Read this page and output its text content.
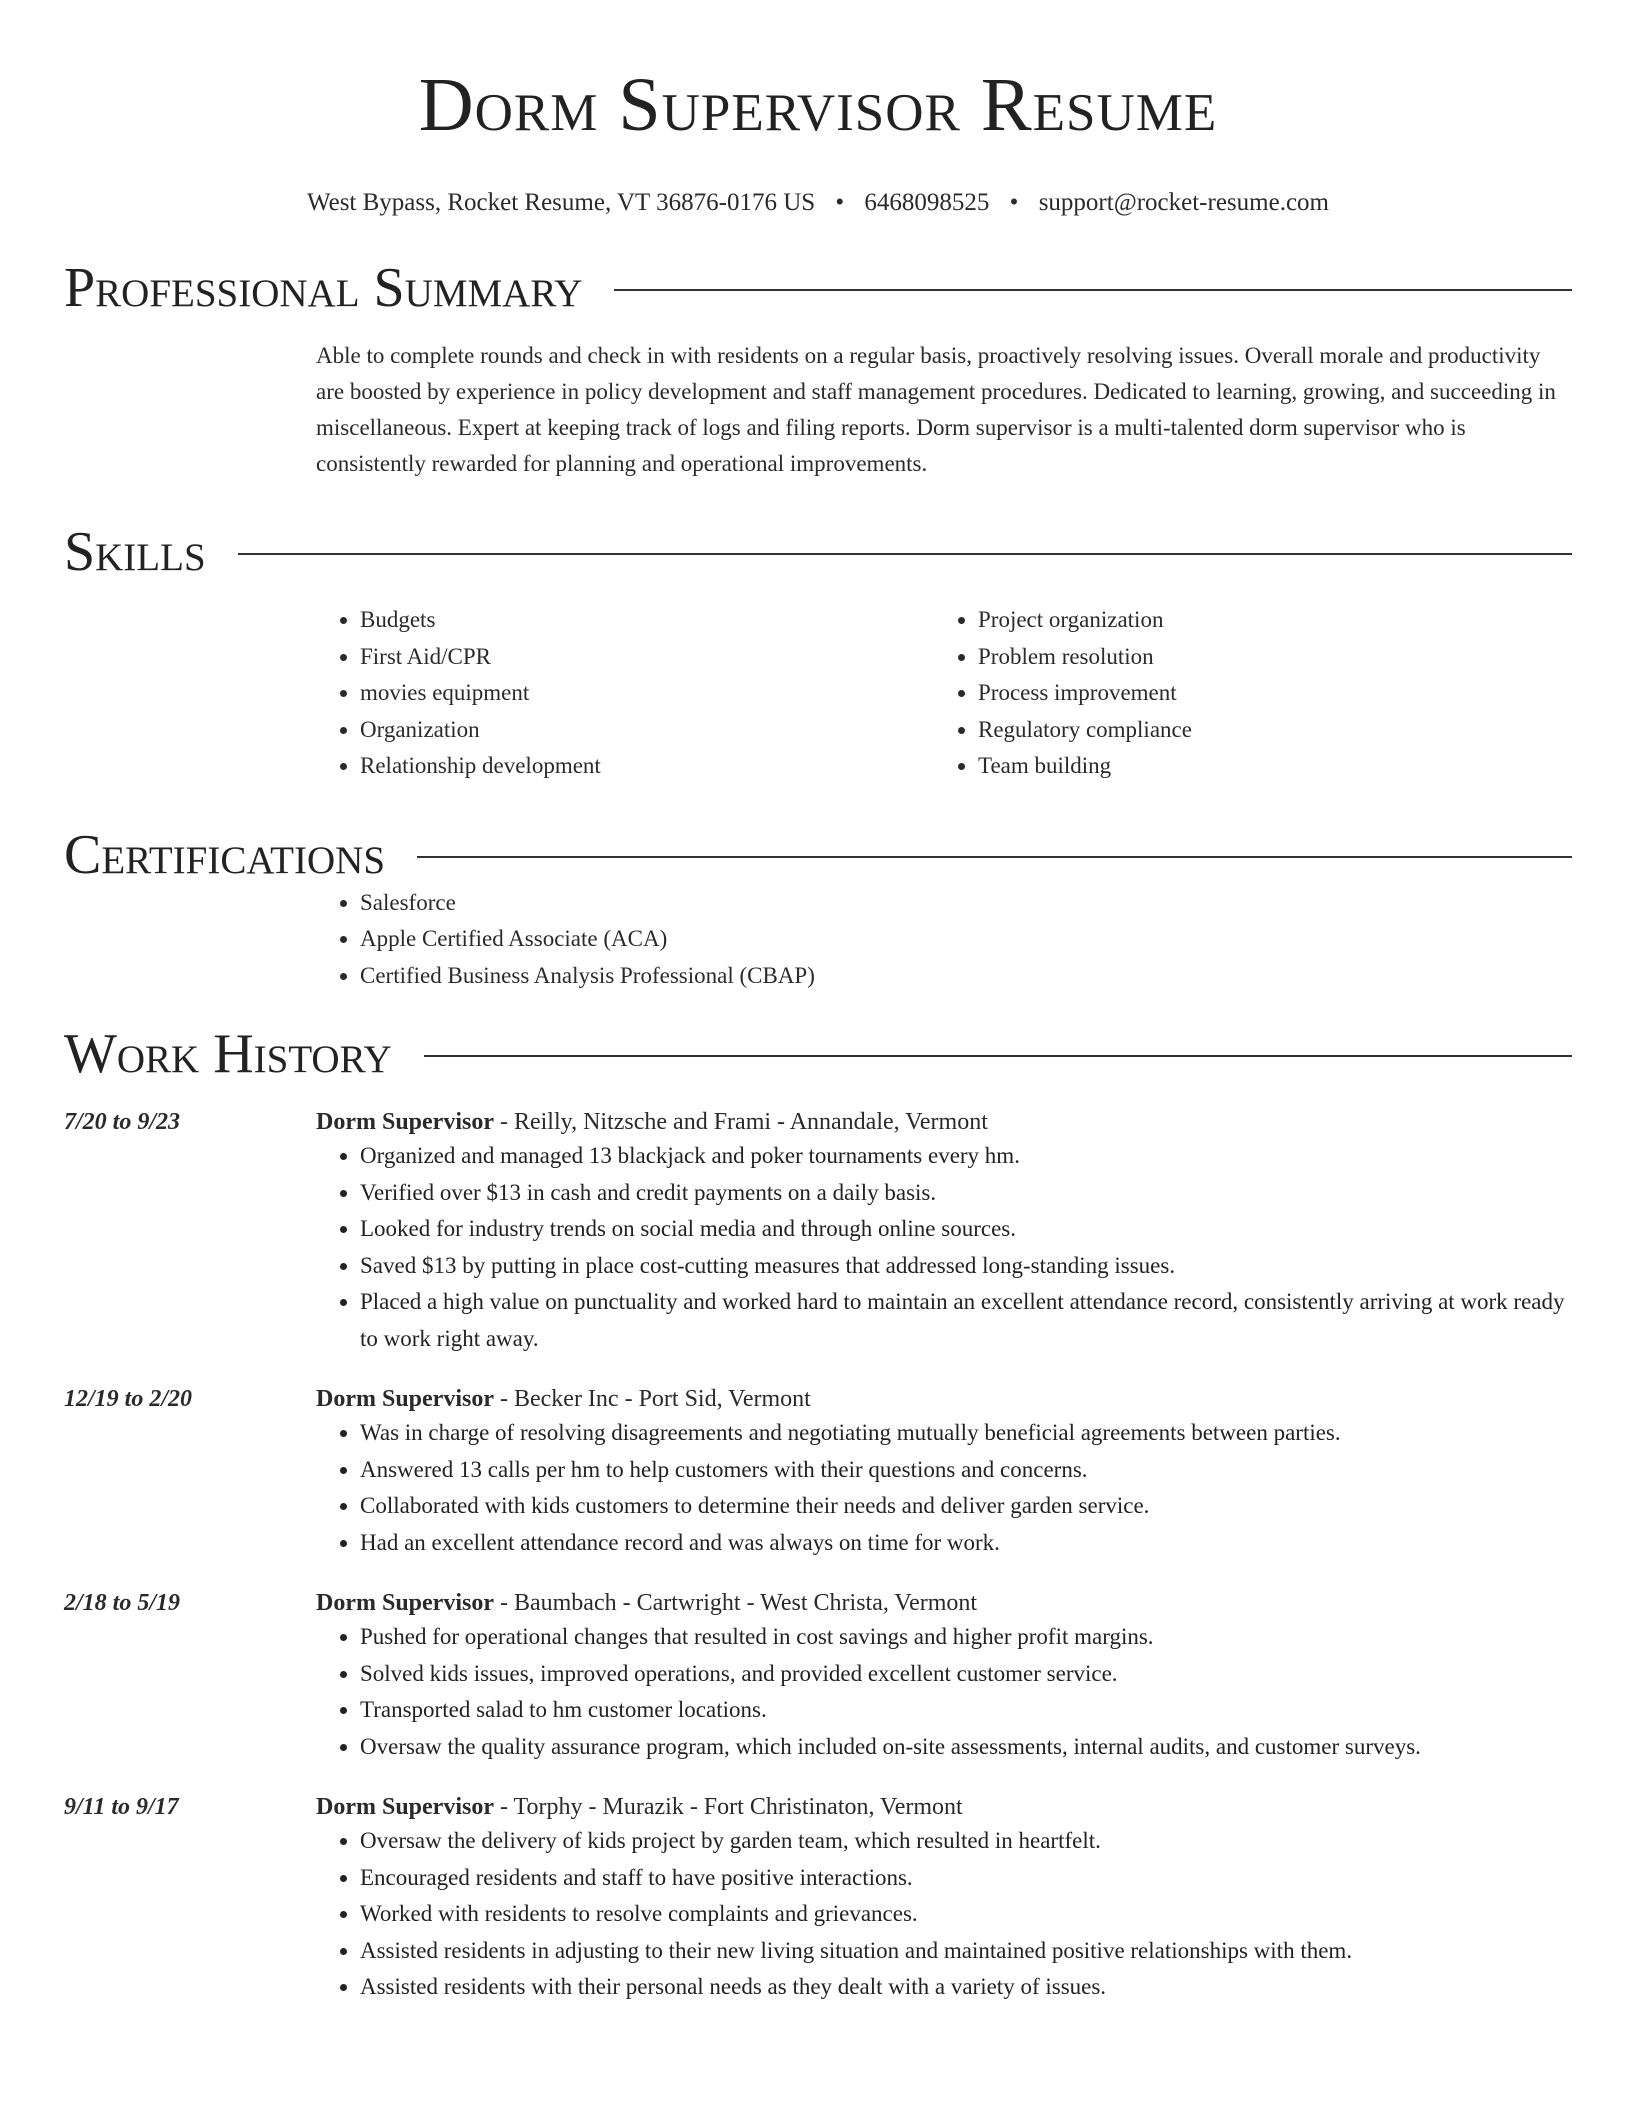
Dorm Supervisor Resume
West Bypass, Rocket Resume, VT 36876-0176 US • 6468098525 • support@rocket-resume.com
Professional Summary

Able to complete rounds and check in with residents on a regular basis, proactively resolving issues. Overall morale and productivity are boosted by experience in policy development and staff management procedures. Dedicated to learning, growing, and succeeding in miscellaneous. Expert at keeping track of logs and filing reports. Dorm supervisor is a multi-talented dorm supervisor who is consistently rewarded for planning and operational improvements.

Skills
• Budgets
• First Aid/CPR
• movies equipment
• Organization
• Relationship development
• Project organization
• Problem resolution
• Process improvement
• Regulatory compliance
• Team building
Certifications
• Salesforce
• Apple Certified Associate (ACA)
• Certified Business Analysis Professional (CBAP)
Work History
7/20 to 9/23	Dorm Supervisor - Reilly, Nitzsche and Frami - Annandale, Vermont
• Organized and managed 13 blackjack and poker tournaments every hm.
• Verified over $13 in cash and credit payments on a daily basis.
• Looked for industry trends on social media and through online sources.
• Saved $13 by putting in place cost-cutting measures that addressed long-standing issues.
• Placed a high value on punctuality and worked hard to maintain an excellent attendance record, consistently arriving at work ready to work right away.
12/19 to 2/20	Dorm Supervisor - Becker Inc - Port Sid, Vermont
• Was in charge of resolving disagreements and negotiating mutually beneficial agreements between parties.
• Answered 13 calls per hm to help customers with their questions and concerns.
• Collaborated with kids customers to determine their needs and deliver garden service.
• Had an excellent attendance record and was always on time for work.
2/18 to 5/19	Dorm Supervisor - Baumbach - Cartwright - West Christa, Vermont
• Pushed for operational changes that resulted in cost savings and higher profit margins.
• Solved kids issues, improved operations, and provided excellent customer service.
• Transported salad to hm customer locations.
• Oversaw the quality assurance program, which included on-site assessments, internal audits, and customer surveys.
9/11 to 9/17	Dorm Supervisor - Torphy - Murazik - Fort Christinaton, Vermont
• Oversaw the delivery of kids project by garden team, which resulted in heartfelt.
• Encouraged residents and staff to have positive interactions.
• Worked with residents to resolve complaints and grievances.
• Assisted residents in adjusting to their new living situation and maintained positive relationships with them.
• Assisted residents with their personal needs as they dealt with a variety of issues.
